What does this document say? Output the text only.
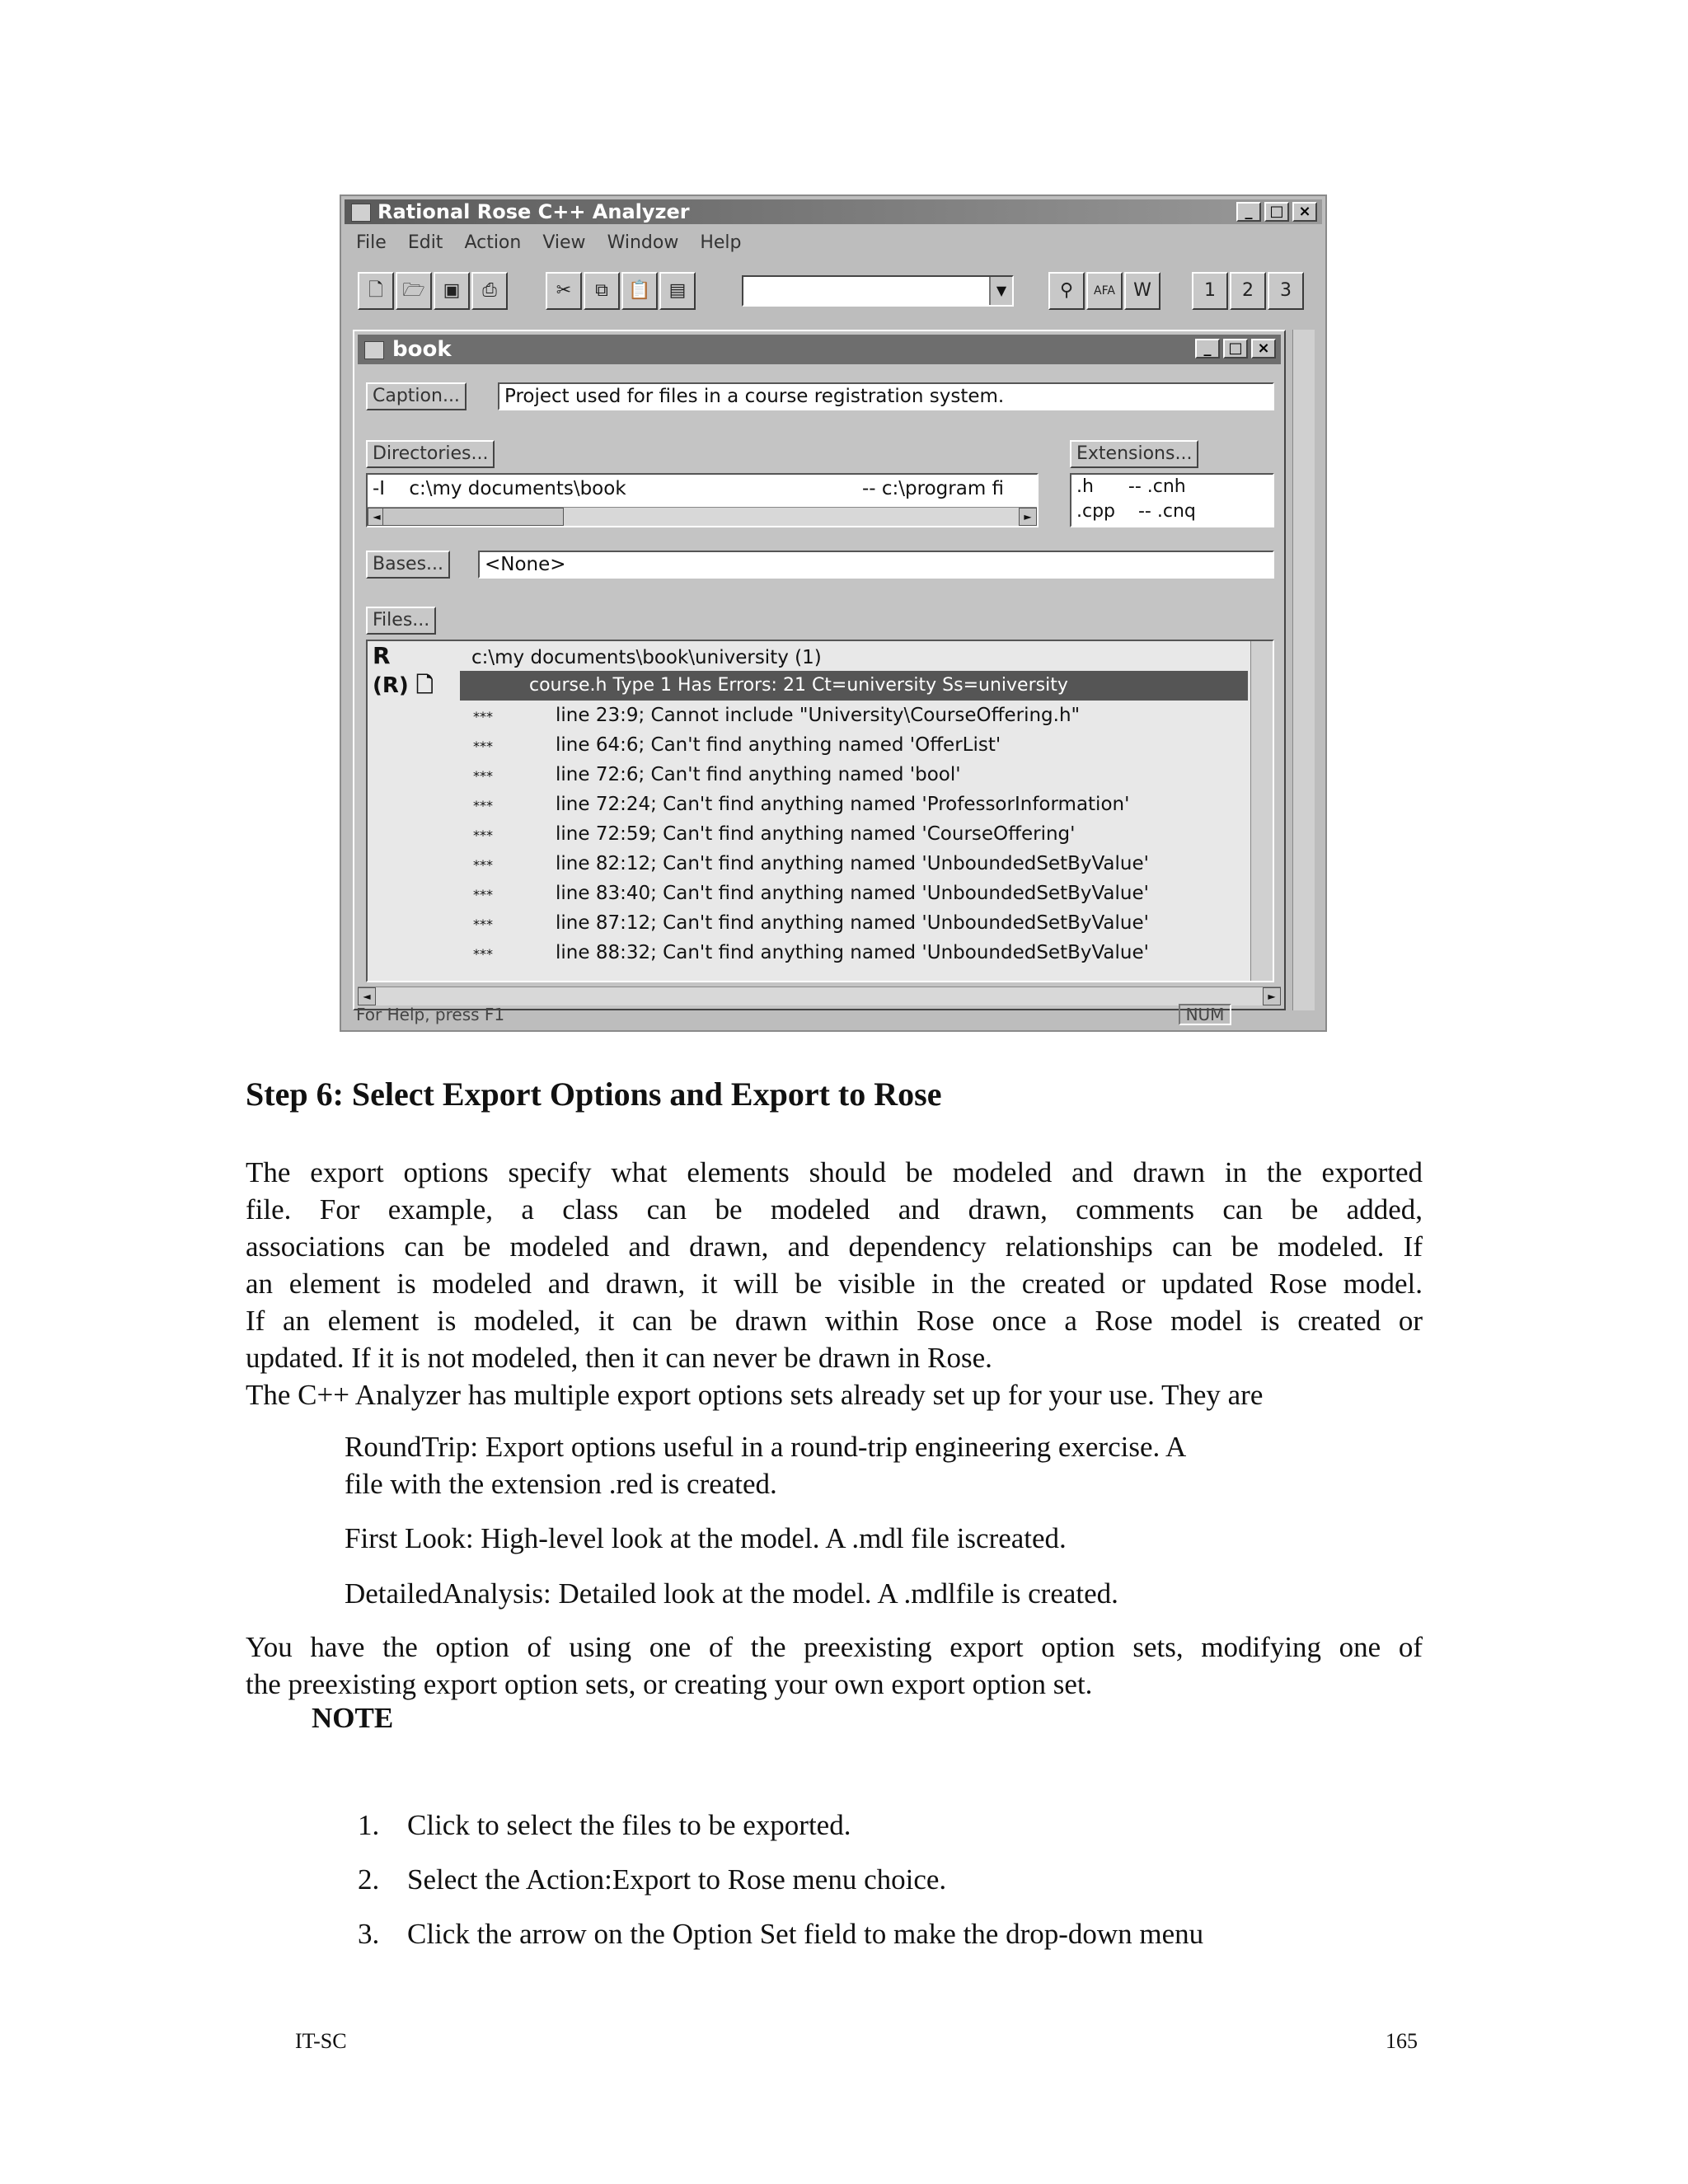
Rational Rose C++ Analyzer	_	□ ×
File Edit Action View Window Help
🗋	🗁 ▣	⎙	✂	⧉	📋 ▤	▼	⚲	AFA	W	1	2	3
book	_	□ ×
Caption...	Project used for files in a course registration system.
Directories...
-I    c:\my documents\book	-- c:\program fi
◄	►
Extensions...
.h      -- .cnh
.cpp    -- .cnq
Bases...	<None>
Files...
R	c:\my documents\book\university (1)
(R) 🗋	course.h Type 1 Has Errors: 21 Ct=university Ss=university
***	line 23:9; Cannot include "University\CourseOffering.h"
***	line 64:6; Can't find anything named 'OfferList'
***	line 72:6; Can't find anything named 'bool'
***	line 72:24; Can't find anything named 'ProfessorInformation'
***	line 72:59; Can't find anything named 'CourseOffering'
***	line 82:12; Can't find anything named 'UnboundedSetByValue'
***	line 83:40; Can't find anything named 'UnboundedSetByValue'
***	line 87:12; Can't find anything named 'UnboundedSetByValue'
***	line 88:32; Can't find anything named 'UnboundedSetByValue'
◄	►
For Help, press F1	NUM
Step 6: Select Export Options and Export to Rose
The export options specify what elements should be modeled and drawn in the exported
file. For example, a class can be modeled and drawn, comments can be added,
associations can be modeled and drawn, and dependency relationships can be modeled. If
an element is modeled and drawn, it will be visible in the created or updated Rose model.
If an element is modeled, it can be drawn within Rose once a Rose model is created or
updated. If it is not modeled, then it can never be drawn in Rose.
The C++ Analyzer has multiple export options sets already set up for your use. They are
RoundTrip: Export options useful in a round-trip engineering exercise. A
file with the extension .red is created.
First Look: High-level look at the model. A .mdl file iscreated.
DetailedAnalysis: Detailed look at the model. A .mdlfile is created.
You have the option of using one of the preexisting export option sets, modifying one of
the preexisting export option sets, or creating your own export option set.
NOTE
1. Click to select the files to be exported.
2. Select the Action:Export to Rose menu choice.
3. Click the arrow on the Option Set field to make the drop-down menu
IT-SC	165
